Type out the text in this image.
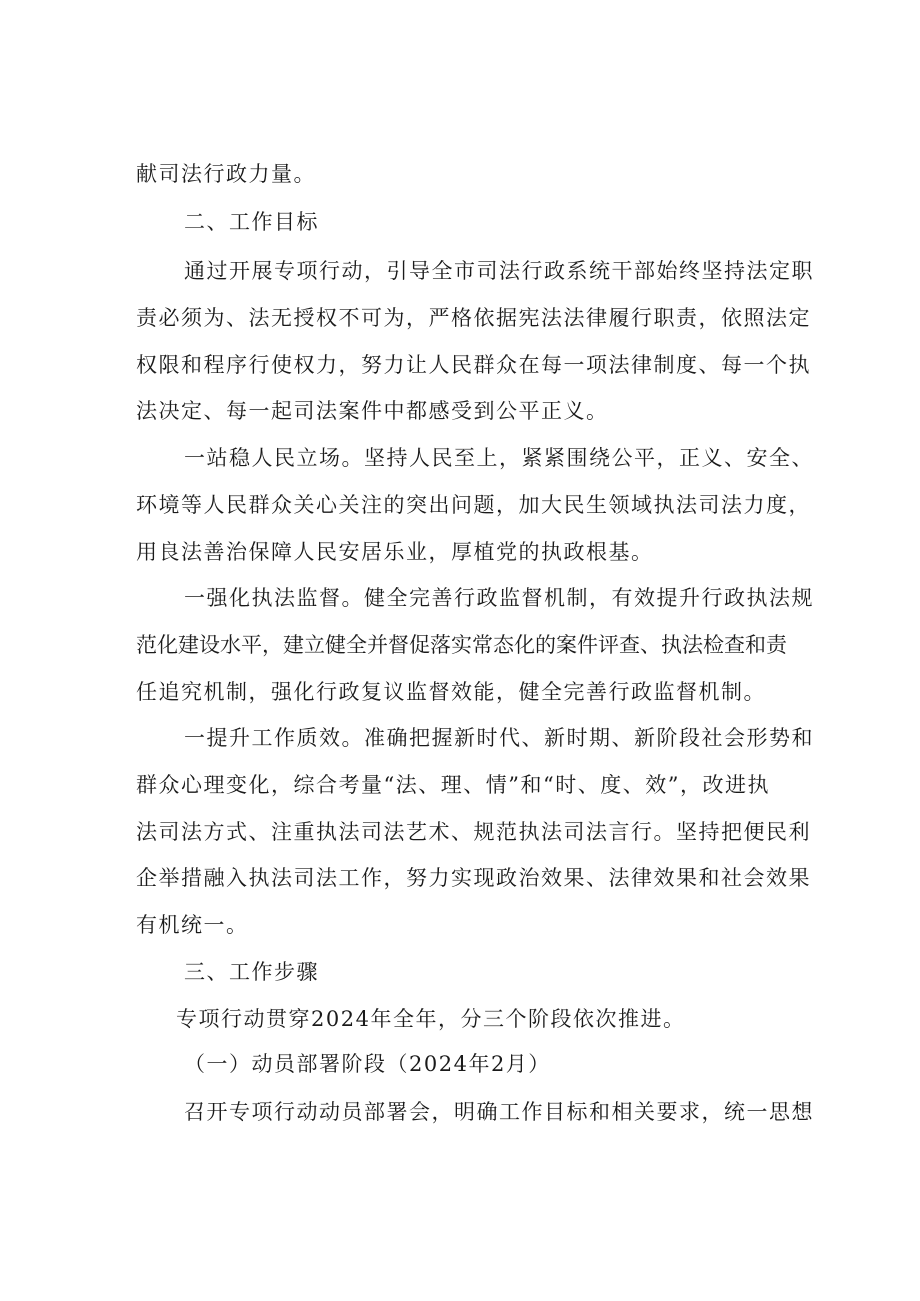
献司法行政力量。
二、工作目标
通过开展专项行动，引导全市司法行政系统干部始终坚持法定职
责必须为、法无授权不可为，严格依据宪法法律履行职责，依照法定
权限和程序行使权力，努力让人民群众在每一项法律制度、每一个执
法决定、每一起司法案件中都感受到公平正义。
一站稳人民立场。坚持人民至上，紧紧围绕公平，正义、安全、
环境等人民群众关心关注的突出问题，加大民生领域执法司法力度，
用良法善治保障人民安居乐业，厚植党的执政根基。
一强化执法监督。健全完善行政监督机制，有效提升行政执法规
范化建设水平，建立健全并督促落实常态化的案件评查、执法检查和责
任追究机制，强化行政复议监督效能，健全完善行政监督机制。
一提升工作质效。准确把握新时代、新时期、新阶段社会形势和
群众心理变化，综合考量“法、理、情”和“时、度、效”，改进执
法司法方式、注重执法司法艺术、规范执法司法言行。坚持把便民利
企举措融入执法司法工作，努力实现政治效果、法律效果和社会效果
有机统一。
三、工作步骤
专项行动贯穿2024年全年，分三个阶段依次推进。
（一）动员部署阶段（2024年2月）
召开专项行动动员部署会，明确工作目标和相关要求，统一思想
